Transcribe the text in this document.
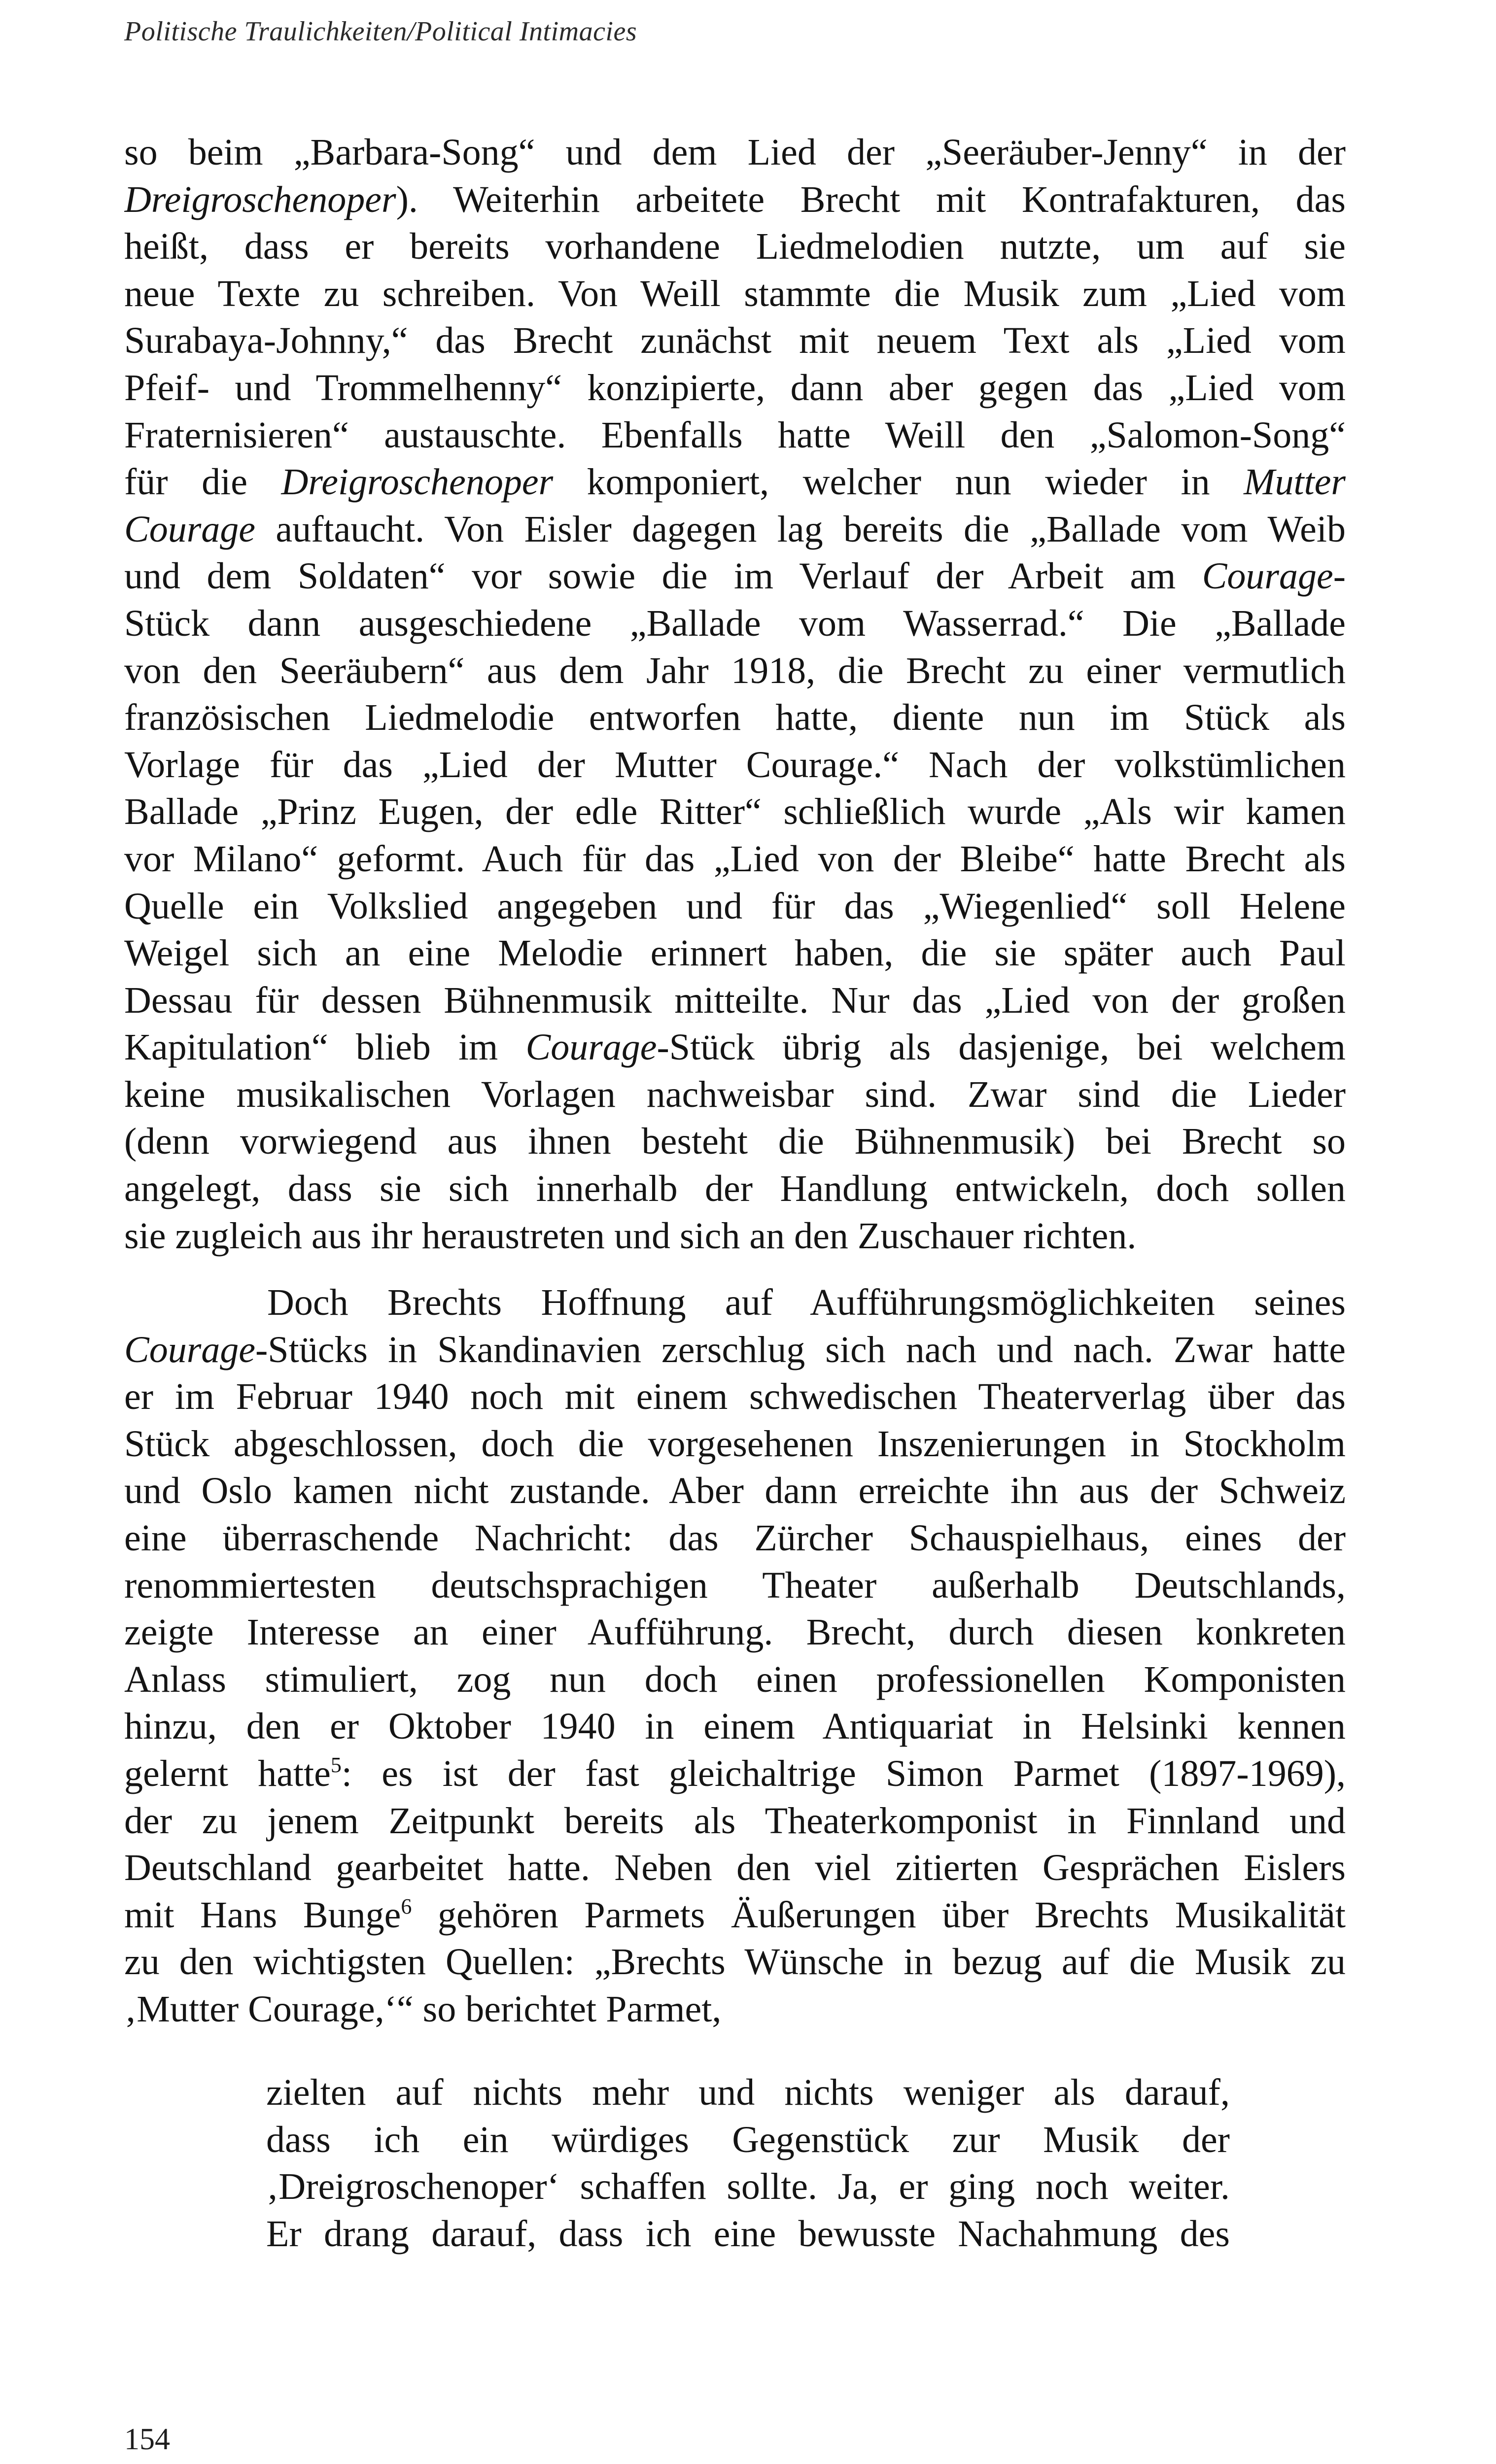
Politische Traulichkeiten/Political Intimacies
so beim „Barbara-Song“ und dem Lied der „Seeräuber-Jenny“ in der
Dreigroschenoper). Weiterhin arbeitete Brecht mit Kontrafakturen, das
heißt, dass er bereits vorhandene Liedmelodien nutzte, um auf sie
neue Texte zu schreiben. Von Weill stammte die Musik zum „Lied vom
Surabaya-Johnny,“ das Brecht zunächst mit neuem Text als „Lied vom
Pfeif- und Trommelhenny“ konzipierte, dann aber gegen das „Lied vom
Fraternisieren“ austauschte. Ebenfalls hatte Weill den „Salomon-Song“
für die Dreigroschenoper komponiert, welcher nun wieder in Mutter
Courage auftaucht. Von Eisler dagegen lag bereits die „Ballade vom Weib
und dem Soldaten“ vor sowie die im Verlauf der Arbeit am Courage-
Stück dann ausgeschiedene „Ballade vom Wasserrad.“ Die „Ballade
von den Seeräubern“ aus dem Jahr 1918, die Brecht zu einer vermutlich
französischen Liedmelodie entworfen hatte, diente nun im Stück als
Vorlage für das „Lied der Mutter Courage.“ Nach der volkstümlichen
Ballade „Prinz Eugen, der edle Ritter“ schließlich wurde „Als wir kamen
vor Milano“ geformt. Auch für das „Lied von der Bleibe“ hatte Brecht als
Quelle ein Volkslied angegeben und für das „Wiegenlied“ soll Helene
Weigel sich an eine Melodie erinnert haben, die sie später auch Paul
Dessau für dessen Bühnenmusik mitteilte. Nur das „Lied von der großen
Kapitulation“ blieb im Courage-Stück übrig als dasjenige, bei welchem
keine musikalischen Vorlagen nachweisbar sind. Zwar sind die Lieder
(denn vorwiegend aus ihnen besteht die Bühnenmusik) bei Brecht so
angelegt, dass sie sich innerhalb der Handlung entwickeln, doch sollen
sie zugleich aus ihr heraustreten und sich an den Zuschauer richten.
Doch Brechts Hoffnung auf Aufführungsmöglichkeiten seines
Courage-Stücks in Skandinavien zerschlug sich nach und nach. Zwar hatte
er im Februar 1940 noch mit einem schwedischen Theaterverlag über das
Stück abgeschlossen, doch die vorgesehenen Inszenierungen in Stockholm
und Oslo kamen nicht zustande. Aber dann erreichte ihn aus der Schweiz
eine überraschende Nachricht: das Zürcher Schauspielhaus, eines der
renommiertesten deutschsprachigen Theater außerhalb Deutschlands,
zeigte Interesse an einer Aufführung. Brecht, durch diesen konkreten
Anlass stimuliert, zog nun doch einen professionellen Komponisten
hinzu, den er Oktober 1940 in einem Antiquariat in Helsinki kennen
gelernt hatte$^5$: es ist der fast gleichaltrige Simon Parmet (1897-1969),
der zu jenem Zeitpunkt bereits als Theaterkomponist in Finnland und
Deutschland gearbeitet hatte. Neben den viel zitierten Gesprächen Eislers
mit Hans Bunge$^6$ gehören Parmets Äußerungen über Brechts Musikalität
zu den wichtigsten Quellen: „Brechts Wünsche in bezug auf die Musik zu
‚Mutter Courage,‘“ so berichtet Parmet,
zielten auf nichts mehr und nichts weniger als darauf,
dass ich ein würdiges Gegenstück zur Musik der
‚Dreigroschenoper‘ schaffen sollte. Ja, er ging noch weiter.
Er drang darauf, dass ich eine bewusste Nachahmung des
154
